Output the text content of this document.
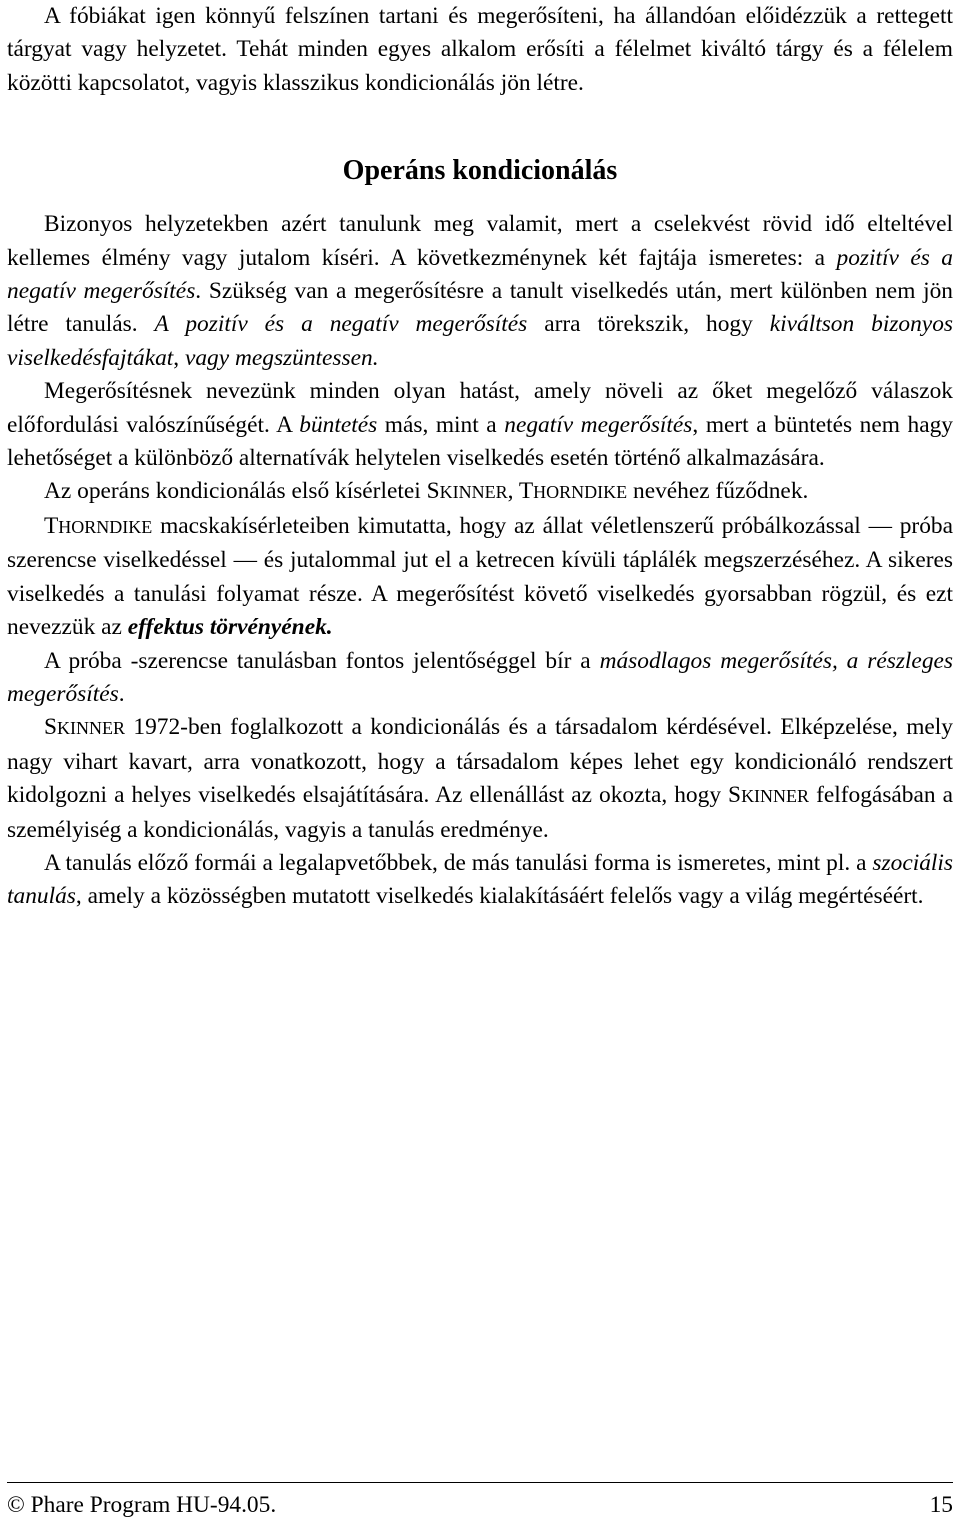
A fóbiákat igen könnyű felszínen tartani és megerősíteni, ha állandóan előidézzük a rettegett tárgyat vagy helyzetet. Tehát minden egyes alkalom erősíti a félelmet kiváltó tárgy és a félelem közötti kapcsolatot, vagyis klasszikus kondicionálás jön létre.

Operáns kondicionálás

Bizonyos helyzetekben azért tanulunk meg valamit, mert a cselekvést rövid idő elteltével kellemes élmény vagy jutalom kíséri. A következménynek két fajtája ismeretes: a pozitív és a negatív megerősítés. Szükség van a megerősítésre a tanult viselkedés után, mert különben nem jön létre tanulás. A pozitív és a negatív megerősítés arra törekszik, hogy kiváltson bizonyos viselkedésfajtákat, vagy megszüntessen.

Megerősítésnek nevezünk minden olyan hatást, amely növeli az őket megelőző válaszok előfordulási valószínűségét. A büntetés más, mint a negatív megerősítés, mert a büntetés nem hagy lehetőséget a különböző alternatívák helytelen viselkedés esetén történő alkalmazására.

Az operáns kondicionálás első kísérletei SKINNER, THORNDIKE nevéhez fűződnek.

THORNDIKE macskakísérleteiben kimutatta, hogy az állat véletlenszerű próbálkozással — próba szerencse viselkedéssel — és jutalommal jut el a ketrecen kívüli táplálék megszerzéséhez. A sikeres viselkedés a tanulási folyamat része. A megerősítést követő viselkedés gyorsabban rögzül, és ezt nevezzük az effektus törvényének.

A próba -szerencse tanulásban fontos jelentőséggel bír a másodlagos megerősítés, a részleges megerősítés.

SKINNER 1972-ben foglalkozott a kondicionálás és a társadalom kérdésével. Elképzelése, mely nagy vihart kavart, arra vonatkozott, hogy a társadalom képes lehet egy kondicionáló rendszert kidolgozni a helyes viselkedés elsajátítására. Az ellenállást az okozta, hogy SKINNER felfogásában a személyiség a kondicionálás, vagyis a tanulás eredménye.

A tanulás előző formái a legalapvetőbbek, de más tanulási forma is ismeretes, mint pl. a szociális tanulás, amely a közösségben mutatott viselkedés kialakításáért felelős vagy a világ megértéséért.

© Phare Program HU-94.05.	15
